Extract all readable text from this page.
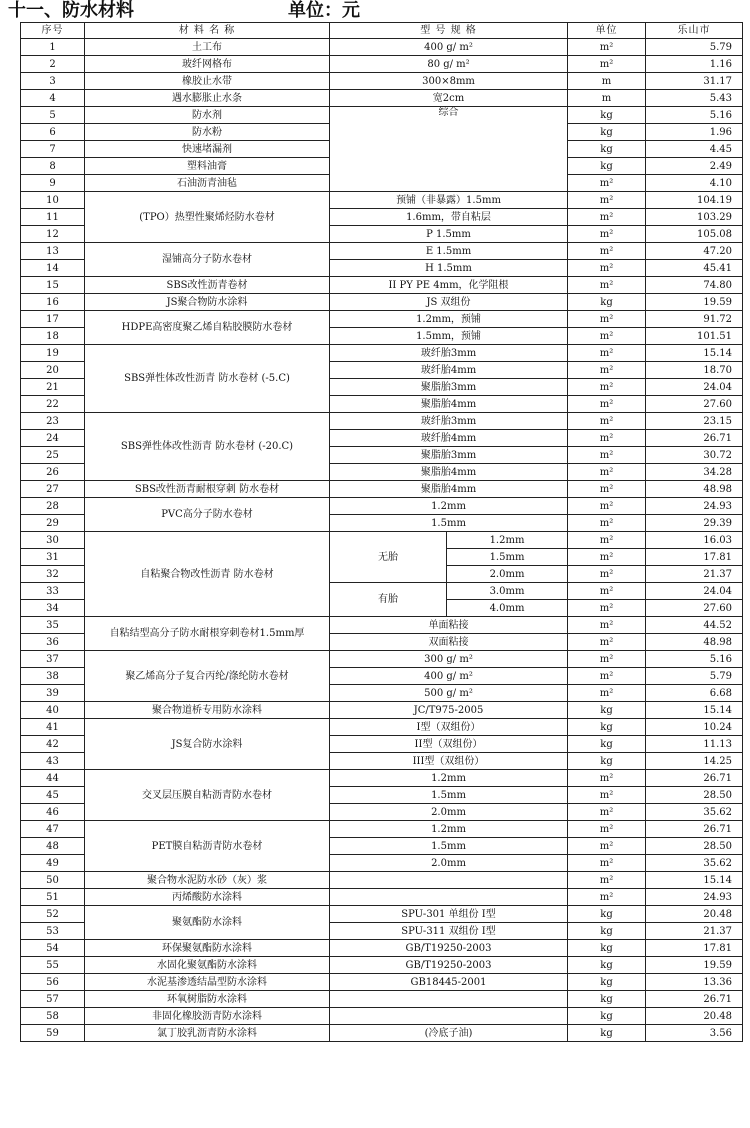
十一、防水材料	单位：元
序号	材 料 名 称	型 号 规 格		单位	乐山市
1	土工布	400 g/ m²		m²	5.79
2	玻纤网格布	80 g/ m²		m²	1.16
3	橡胶止水带	300×8mm		m	31.17
4	遇水膨胀止水条	宽2cm		m	5.43
5	防水剂	综合		kg	5.16
6	防水粉			kg	1.96
7	快速堵漏剂			kg	4.45
8	塑料油膏			kg	2.49
9	石油沥青油毡			m²	4.10
10	(TPO）热塑性聚烯烃防水卷材	预铺（非暴露）1.5mm		m²	104.19
11		1.6mm，带自粘层		m²	103.29
12		P 1.5mm		m²	105.08
13	湿铺高分子防水卷材	E 1.5mm		m²	47.20
14		H 1.5mm		m²	45.41
15	SBS改性沥青卷材	II PY PE 4mm，化学阻根		m²	74.80
16	JS聚合物防水涂料	JS 双组份		kg	19.59
17	HDPE高密度聚乙烯自粘胶膜防水卷材	1.2mm，预铺		m²	91.72
18		1.5mm，预铺		m²	101.51
19	SBS弹性体改性沥青 防水卷材 (-5.C)	玻纤胎3mm		m²	15.14
20		玻纤胎4mm		m²	18.70
21		聚脂胎3mm		m²	24.04
22		聚脂胎4mm		m²	27.60
23	SBS弹性体改性沥青 防水卷材 (-20.C)	玻纤胎3mm		m²	23.15
24		玻纤胎4mm		m²	26.71
25		聚脂胎3mm		m²	30.72
26		聚脂胎4mm		m²	34.28
27	SBS改性沥青耐根穿刺 防水卷材	聚脂胎4mm		m²	48.98
28	PVC高分子防水卷材	1.2mm		m²	24.93
29		1.5mm		m²	29.39
30	自粘聚合物改性沥青 防水卷材	无胎	1.2mm	m²	16.03
31			1.5mm	m²	17.81
32			2.0mm	m²	21.37
33		有胎	3.0mm	m²	24.04
34			4.0mm	m²	27.60
35	自粘结型高分子防水耐根穿刺卷材1.5mm厚	单面粘接		m²	44.52
36		双面粘接		m²	48.98
37	聚乙烯高分子复合丙纶/涤纶防水卷材	300 g/ m²		m²	5.16
38		400 g/ m²		m²	5.79
39		500 g/ m²		m²	6.68
40	聚合物道桥专用防水涂料	JC/T975-2005		kg	15.14
41	JS复合防水涂料	I型（双组份）		kg	10.24
42		II型（双组份）		kg	11.13
43		III型（双组份）		kg	14.25
44	交叉层压膜自粘沥青防水卷材	1.2mm		m²	26.71
45		1.5mm		m²	28.50
46		2.0mm		m²	35.62
47	PET膜自粘沥青防水卷材	1.2mm		m²	26.71
48		1.5mm		m²	28.50
49		2.0mm		m²	35.62
50	聚合物水泥防水砂（灰）浆			m²	15.14
51	丙烯酸防水涂料			m²	24.93
52	聚氨酯防水涂料	SPU-301 单组份 I型		kg	20.48
53		SPU-311 双组份 I型		kg	21.37
54	环保聚氨酯防水涂料	GB/T19250-2003		kg	17.81
55	水固化聚氨酯防水涂料	GB/T19250-2003		kg	19.59
56	水泥基渗透结晶型防水涂料	GB18445-2001		kg	13.36
57	环氧树脂防水涂料			kg	26.71
58	非固化橡胶沥青防水涂料			kg	20.48
59	氯丁胶乳沥青防水涂料	(冷底子油)		kg	3.56
